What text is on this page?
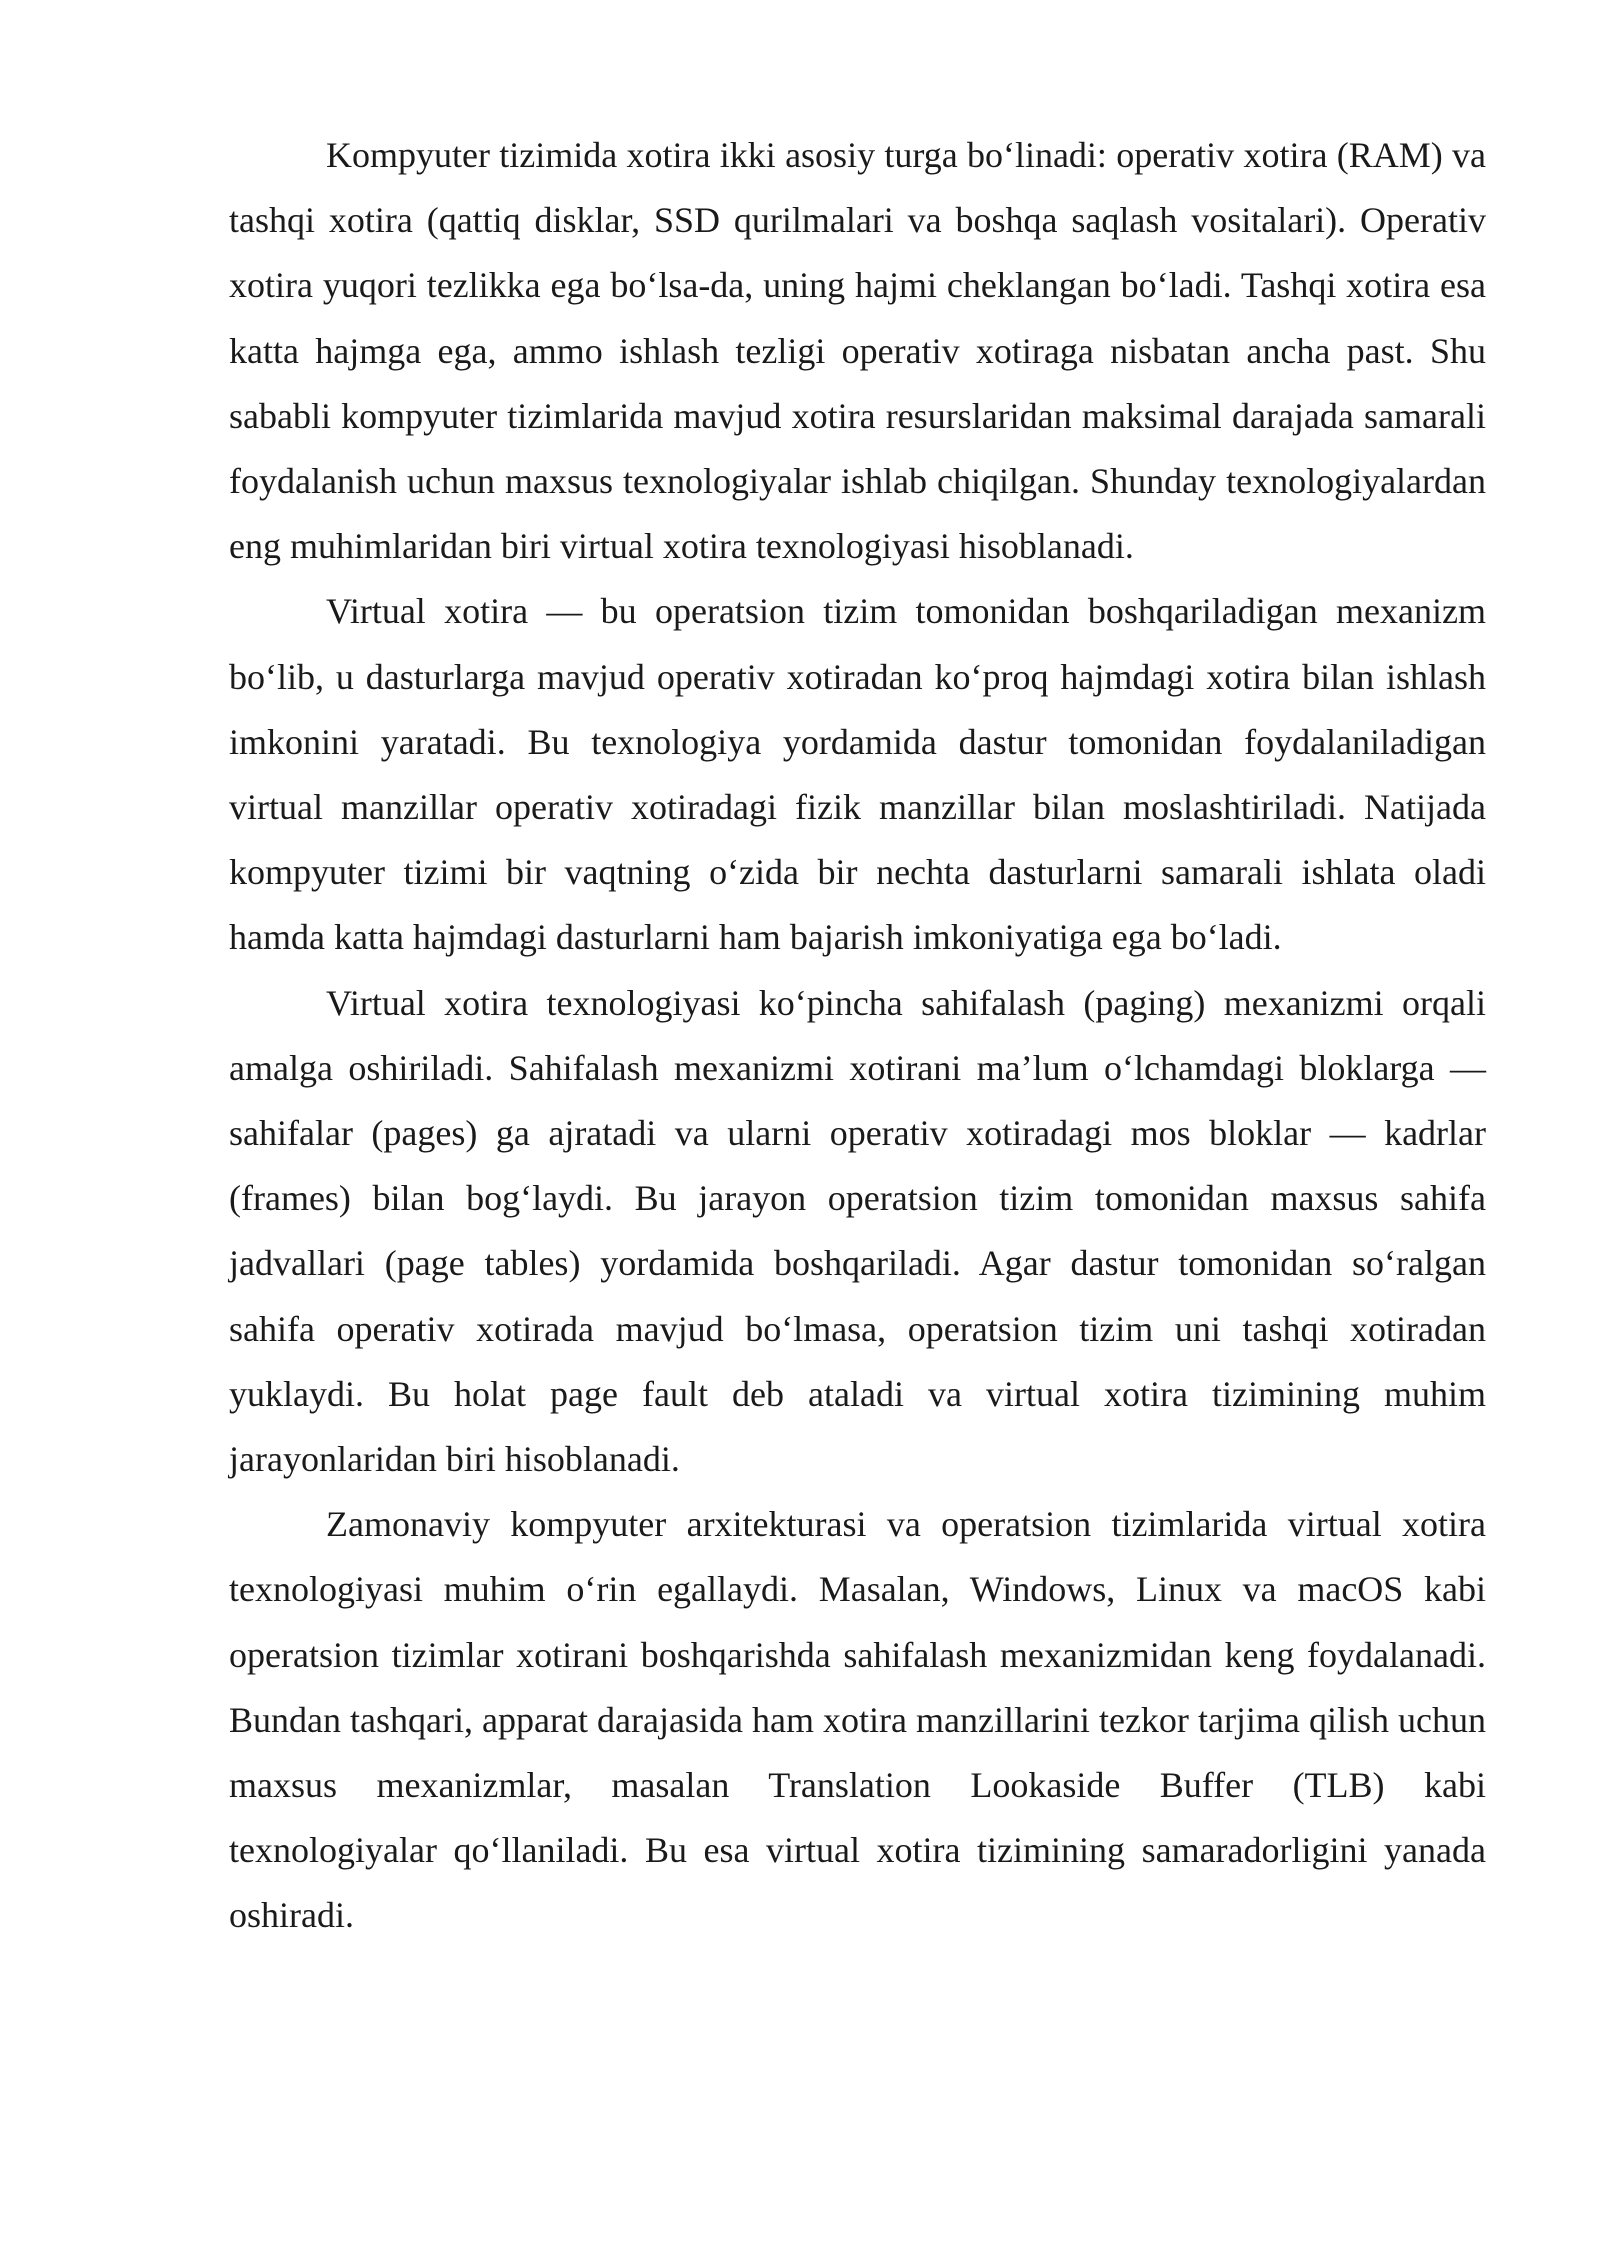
Kompyuter tizimida xotira ikki asosiy turga bo‘linadi: operativ xotira (RAM) va tashqi xotira (qattiq disklar, SSD qurilmalari va boshqa saqlash vositalari). Operativ xotira yuqori tezlikka ega bo‘lsa-da, uning hajmi cheklangan bo‘ladi. Tashqi xotira esa katta hajmga ega, ammo ishlash tezligi operativ xotiraga nisbatan ancha past. Shu sababli kompyuter tizimlarida mavjud xotira resurslaridan maksimal darajada samarali foydalanish uchun maxsus texnologiyalar ishlab chiqilgan. Shunday texnologiyalardan eng muhimlaridan biri virtual xotira texnologiyasi hisoblanadi.

Virtual xotira — bu operatsion tizim tomonidan boshqariladigan mexanizm bo‘lib, u dasturlarga mavjud operativ xotiradan ko‘proq hajmdagi xotira bilan ishlash imkonini yaratadi. Bu texnologiya yordamida dastur tomonidan foydalaniladigan virtual manzillar operativ xotiradagi fizik manzillar bilan moslashtiriladi. Natijada kompyuter tizimi bir vaqtning o‘zida bir nechta dasturlarni samarali ishlata oladi hamda katta hajmdagi dasturlarni ham bajarish imkoniyatiga ega bo‘ladi.

Virtual xotira texnologiyasi ko‘pincha sahifalash (paging) mexanizmi orqali amalga oshiriladi. Sahifalash mexanizmi xotirani ma’lum o‘lchamdagi bloklarga — sahifalar (pages) ga ajratadi va ularni operativ xotiradagi mos bloklar — kadrlar (frames) bilan bog‘laydi. Bu jarayon operatsion tizim tomonidan maxsus sahifa jadvallari (page tables) yordamida boshqariladi. Agar dastur tomonidan so‘ralgan sahifa operativ xotirada mavjud bo‘lmasa, operatsion tizim uni tashqi xotiradan yuklaydi. Bu holat page fault deb ataladi va virtual xotira tizimining muhim jarayonlaridan biri hisoblanadi.

Zamonaviy kompyuter arxitekturasi va operatsion tizimlarida virtual xotira texnologiyasi muhim o‘rin egallaydi. Masalan, Windows, Linux va macOS kabi operatsion tizimlar xotirani boshqarishda sahifalash mexanizmidan keng foydalanadi. Bundan tashqari, apparat darajasida ham xotira manzillarini tezkor tarjima qilish uchun maxsus mexanizmlar, masalan Translation Lookaside Buffer (TLB) kabi texnologiyalar qo‘llaniladi. Bu esa virtual xotira tizimining samaradorligini yanada oshiradi.
